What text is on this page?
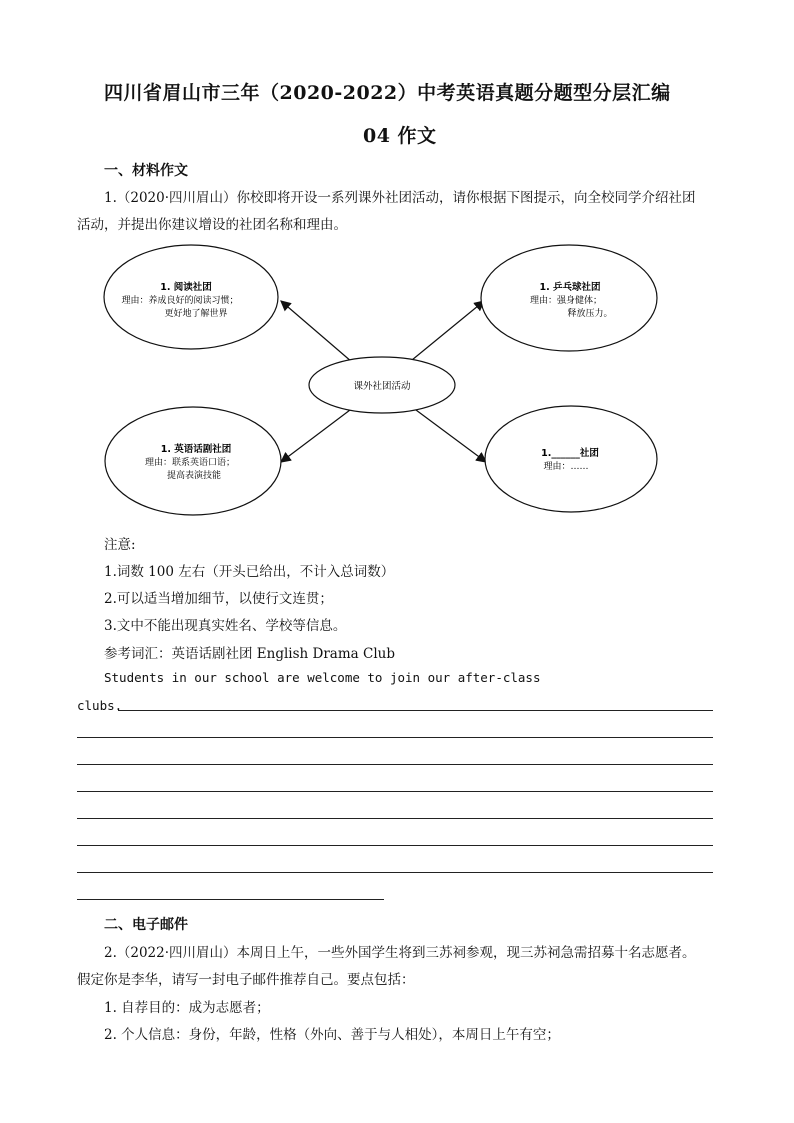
四川省眉山市三年（2020-2022）中考英语真题分题型分层汇编
04 作文
一、材料作文
1.（2020·四川眉山）你校即将开设一系列课外社团活动，请你根据下图提示，向全校同学介绍社团
活动，并提出你建议增设的社团名称和理由。
课外社团活动
1. 阅读社团
理由：养成良好的阅读习惯；
更好地了解世界
1. 乒乓球社团
理由：强身健体；
释放压力。
1. 英语话剧社团
理由：联系英语口语；
提高表演技能
1.______社团
理由：……
注意:
1.词数 100 左右（开头已给出，不计入总词数）
2.可以适当增加细节，以使行文连贯；
3.文中不能出现真实姓名、学校等信息。
参考词汇：英语话剧社团 English Drama Club
Students in our school are welcome to join our after-class
clubs.
二、电子邮件
2.（2022·四川眉山）本周日上午，一些外国学生将到三苏祠参观，现三苏祠急需招募十名志愿者。
假定你是李华，请写一封电子邮件推荐自己。要点包括：
1. 自荐目的：成为志愿者；
2. 个人信息：身份，年龄，性格（外向、善于与人相处），本周日上午有空；
